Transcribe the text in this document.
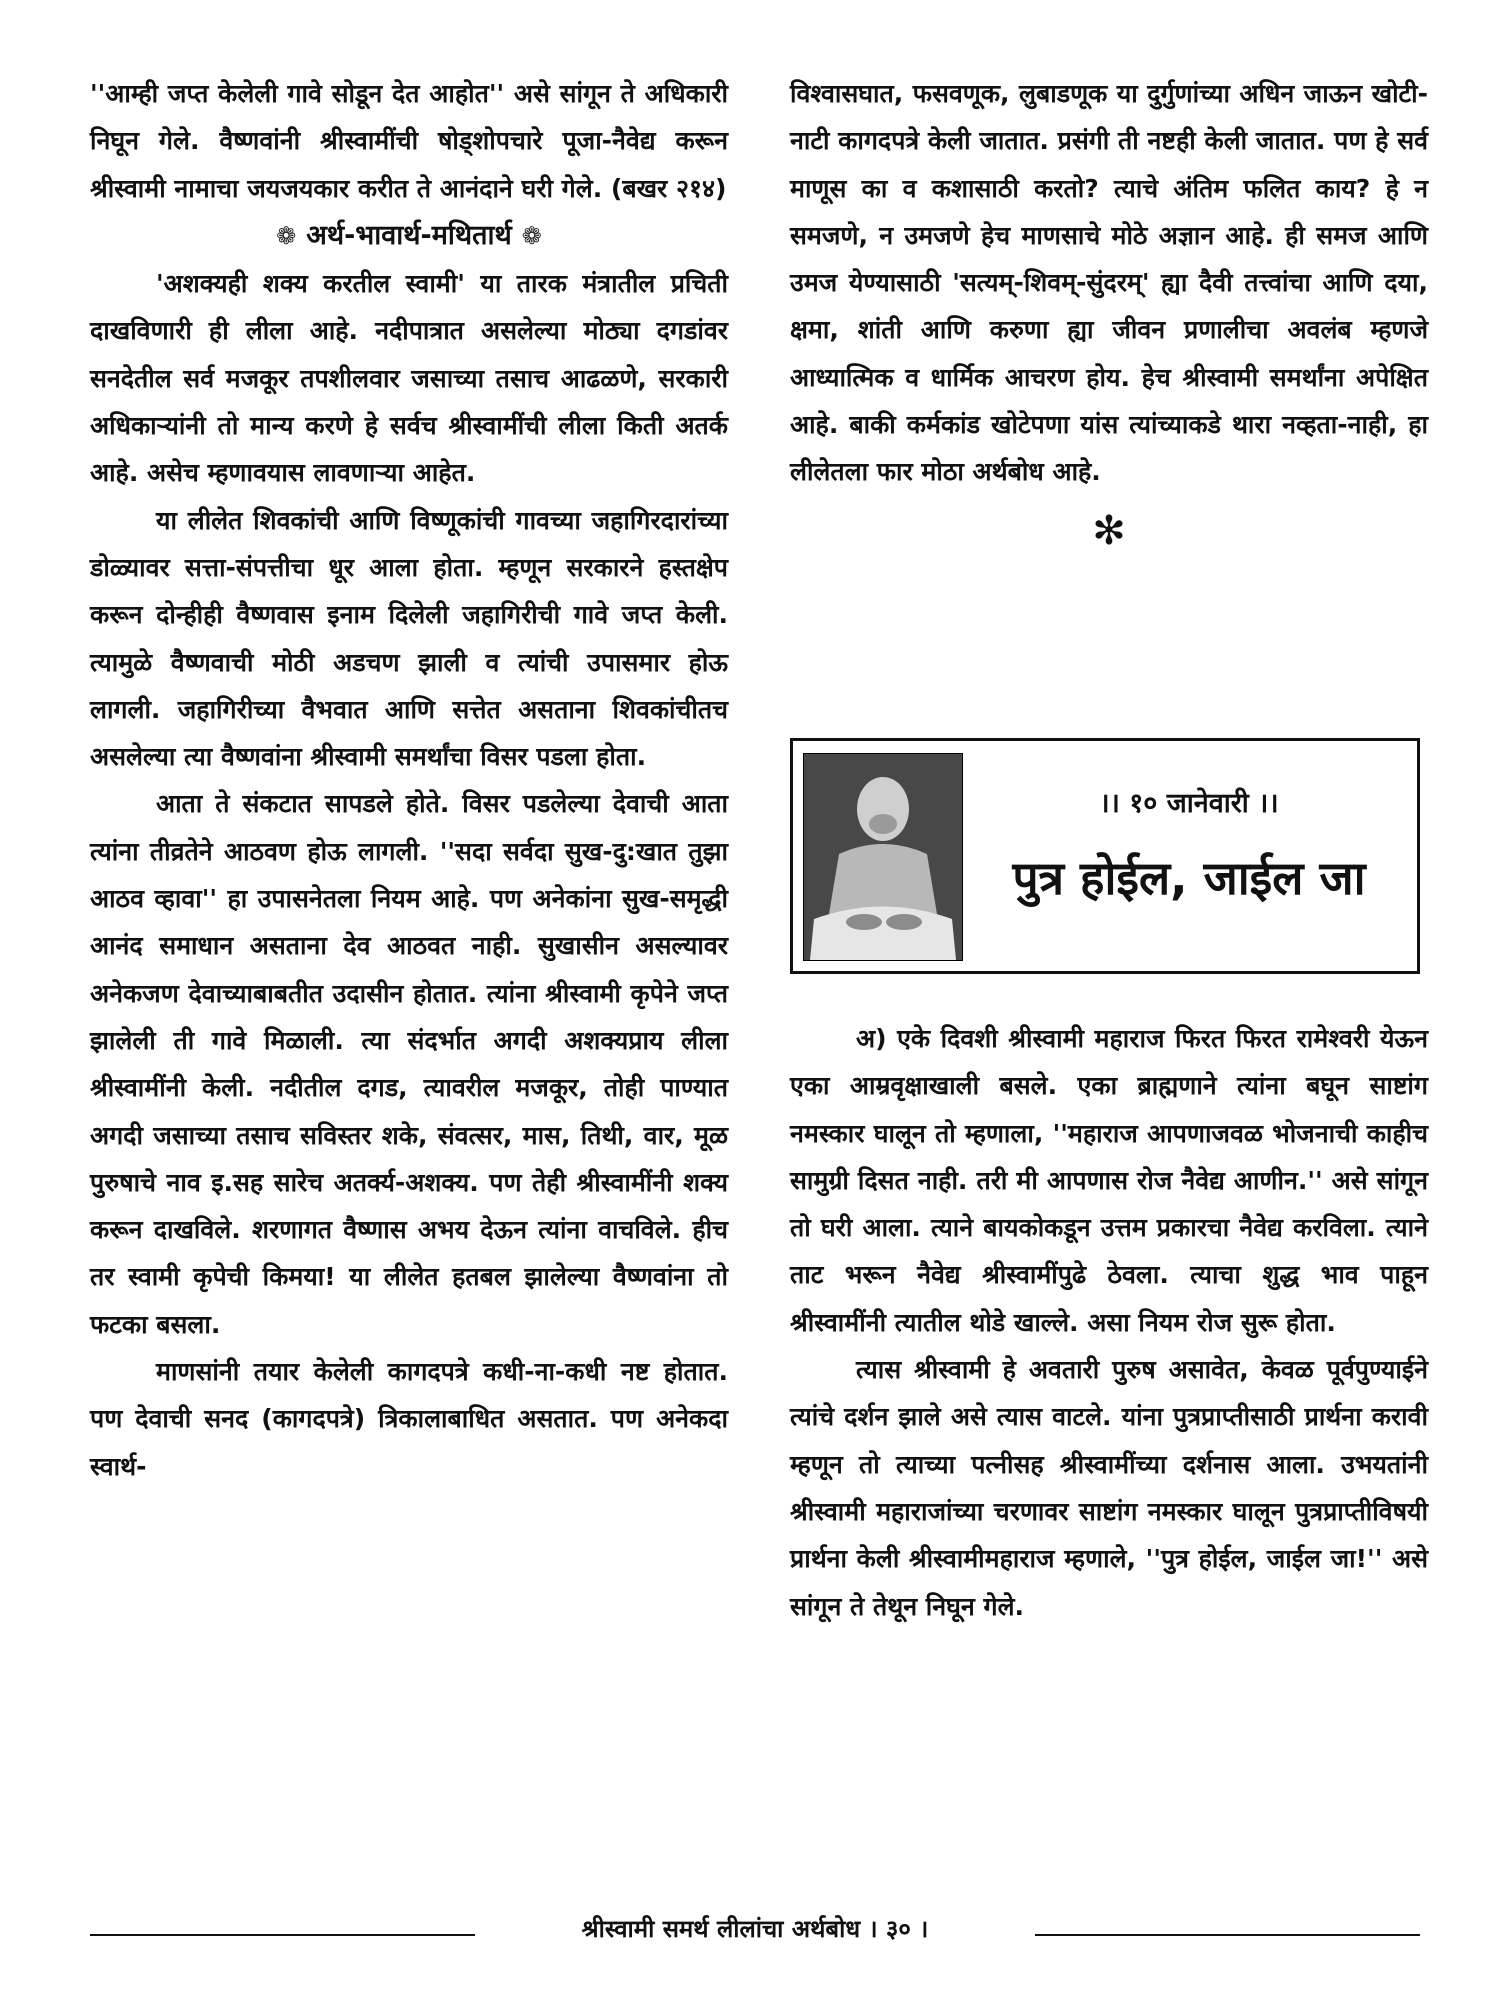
''आम्ही जप्त केलेली गावे सोडून देत आहोत'' असे सांगून ते अधिकारी निघून गेले. वैष्णवांनी श्रीस्वामींची षोड्शोपचारे पूजा-नैवेद्य करून श्रीस्वामी नामाचा जयजयकार करीत ते आनंदाने घरी गेले. (बखर २१४)

❁ अर्थ-भावार्थ-मथितार्थ ❁

'अशक्यही शक्य करतील स्वामी' या तारक मंत्रातील प्रचिती दाखविणारी ही लीला आहे. नदीपात्रात असलेल्या मोठ्या दगडांवर सनदेतील सर्व मजकूर तपशीलवार जसाच्या तसाच आढळणे, सरकारी अधिकाऱ्यांनी तो मान्य करणे हे सर्वच श्रीस्वामींची लीला किती अतर्क आहे. असेच म्हणावयास लावणाऱ्या आहेत.

या लीलेत शिवकांची आणि विष्णूकांची गावच्या जहागिरदारांच्या डोळ्यावर सत्ता-संपत्तीचा धूर आला होता. म्हणून सरकारने हस्तक्षेप करून दोन्हीही वैष्णवास इनाम दिलेली जहागिरीची गावे जप्त केली. त्यामुळे वैष्णवाची मोठी अडचण झाली व त्यांची उपासमार होऊ लागली. जहागिरीच्या वैभवात आणि सत्तेत असताना शिवकांचीतच असलेल्या त्या वैष्णवांना श्रीस्वामी समर्थांचा विसर पडला होता.

आता ते संकटात सापडले होते. विसर पडलेल्या देवाची आता त्यांना तीव्रतेने आठवण होऊ लागली. ''सदा सर्वदा सुख-दु:खात तुझा आठव व्हावा'' हा उपासनेतला नियम आहे. पण अनेकांना सुख-समृद्धी आनंद समाधान असताना देव आठवत नाही. सुखासीन असल्यावर अनेकजण देवाच्याबाबतीत उदासीन होतात. त्यांना श्रीस्वामी कृपेने जप्त झालेली ती गावे मिळाली. त्या संदर्भात अगदी अशक्यप्राय लीला श्रीस्वामींनी केली. नदीतील दगड, त्यावरील मजकूर, तोही पाण्यात अगदी जसाच्या तसाच सविस्तर शके, संवत्सर, मास, तिथी, वार, मूळ पुरुषाचे नाव इ.सह सारेच अतर्क्य-अशक्य. पण तेही श्रीस्वामींनी शक्य करून दाखविले. शरणागत वैष्णास अभय देऊन त्यांना वाचविले. हीच तर स्वामी कृपेची किमया! या लीलेत हतबल झालेल्या वैष्णवांना तो फटका बसला.

माणसांनी तयार केलेली कागदपत्रे कधी-ना-कधी नष्ट होतात. पण देवाची सनद (कागदपत्रे) त्रिकालाबाधित असतात. पण अनेकदा स्वार्थ-

विश्वासघात, फसवणूक, लुबाडणूक या दुर्गुणांच्या अधिन जाऊन खोटी-नाटी कागदपत्रे केली जातात. प्रसंगी ती नष्टही केली जातात. पण हे सर्व माणूस का व कशासाठी करतो? त्याचे अंतिम फलित काय? हे न समजणे, न उमजणे हेच माणसाचे मोठे अज्ञान आहे. ही समज आणि उमज येण्यासाठी 'सत्यम्-शिवम्-सुंदरम्' ह्या दैवी तत्त्वांचा आणि दया, क्षमा, शांती आणि करुणा ह्या जीवन प्रणालीचा अवलंब म्हणजे आध्यात्मिक व धार्मिक आचरण होय. हेच श्रीस्वामी समर्थांना अपेक्षित आहे. बाकी कर्मकांड खोटेपणा यांस त्यांच्याकडे थारा नव्हता-नाही, हा लीलेतला फार मोठा अर्थबोध आहे.

✻

।। १० जानेवारी ।।
पुत्र होईल, जाईल जा

अ) एके दिवशी श्रीस्वामी महाराज फिरत फिरत रामेश्वरी येऊन एका आम्रवृक्षाखाली बसले. एका ब्राह्मणाने त्यांना बघून साष्टांग नमस्कार घालून तो म्हणाला, ''महाराज आपणाजवळ भोजनाची काहीच सामुग्री दिसत नाही. तरी मी आपणास रोज नैवेद्य आणीन.'' असे सांगून तो घरी आला. त्याने बायकोकडून उत्तम प्रकारचा नैवेद्य करविला. त्याने ताट भरून नैवेद्य श्रीस्वामींपुढे ठेवला. त्याचा शुद्ध भाव पाहून श्रीस्वामींनी त्यातील थोडे खाल्ले. असा नियम रोज सुरू होता.

त्यास श्रीस्वामी हे अवतारी पुरुष असावेत, केवळ पूर्वपुण्याईने त्यांचे दर्शन झाले असे त्यास वाटले. यांना पुत्रप्राप्तीसाठी प्रार्थना करावी म्हणून तो त्याच्या पत्नीसह श्रीस्वामींच्या दर्शनास आला. उभयतांनी श्रीस्वामी महाराजांच्या चरणावर साष्टांग नमस्कार घालून पुत्रप्राप्तीविषयी प्रार्थना केली श्रीस्वामीमहाराज म्हणाले, ''पुत्र होईल, जाईल जा!'' असे सांगून ते तेथून निघून गेले.

श्रीस्वामी समर्थ लीलांचा अर्थबोध । ३० ।
